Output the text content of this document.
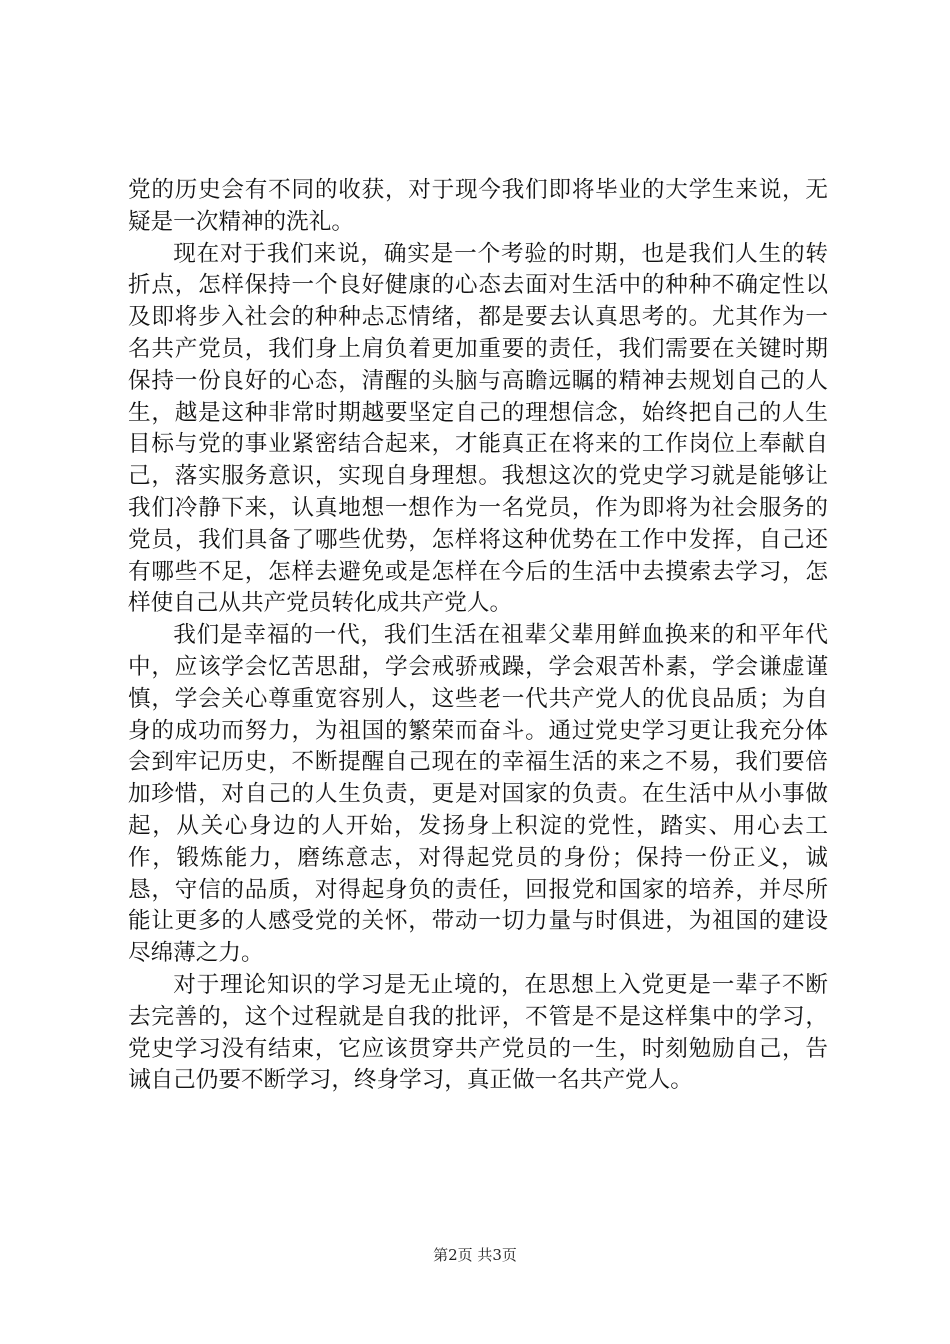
党的历史会有不同的收获，对于现今我们即将毕业的大学生来说，无疑是一次精神的洗礼。

现在对于我们来说，确实是一个考验的时期，也是我们人生的转折点，怎样保持一个良好健康的心态去面对生活中的种种不确定性以及即将步入社会的种种忐忑情绪，都是要去认真思考的。尤其作为一名共产党员，我们身上肩负着更加重要的责任，我们需要在关键时期保持一份良好的心态，清醒的头脑与高瞻远瞩的精神去规划自己的人生，越是这种非常时期越要坚定自己的理想信念，始终把自己的人生目标与党的事业紧密结合起来，才能真正在将来的工作岗位上奉献自己，落实服务意识，实现自身理想。我想这次的党史学习就是能够让我们冷静下来，认真地想一想作为一名党员，作为即将为社会服务的党员，我们具备了哪些优势，怎样将这种优势在工作中发挥，自己还有哪些不足，怎样去避免或是怎样在今后的生活中去摸索去学习，怎样使自己从共产党员转化成共产党人。

我们是幸福的一代，我们生活在祖辈父辈用鲜血换来的和平年代中，应该学会忆苦思甜，学会戒骄戒躁，学会艰苦朴素，学会谦虚谨慎，学会关心尊重宽容别人，这些老一代共产党人的优良品质；为自身的成功而努力，为祖国的繁荣而奋斗。通过党史学习更让我充分体会到牢记历史，不断提醒自己现在的幸福生活的来之不易，我们要倍加珍惜，对自己的人生负责，更是对国家的负责。在生活中从小事做起，从关心身边的人开始，发扬身上积淀的党性，踏实、用心去工作，锻炼能力，磨练意志，对得起党员的身份；保持一份正义，诚恳，守信的品质，对得起身负的责任，回报党和国家的培养，并尽所能让更多的人感受党的关怀，带动一切力量与时俱进，为祖国的建设尽绵薄之力。

对于理论知识的学习是无止境的，在思想上入党更是一辈子不断去完善的，这个过程就是自我的批评，不管是不是这样集中的学习，党史学习没有结束，它应该贯穿共产党员的一生，时刻勉励自己，告诫自己仍要不断学习，终身学习，真正做一名共产党人。

第2页 共3页
